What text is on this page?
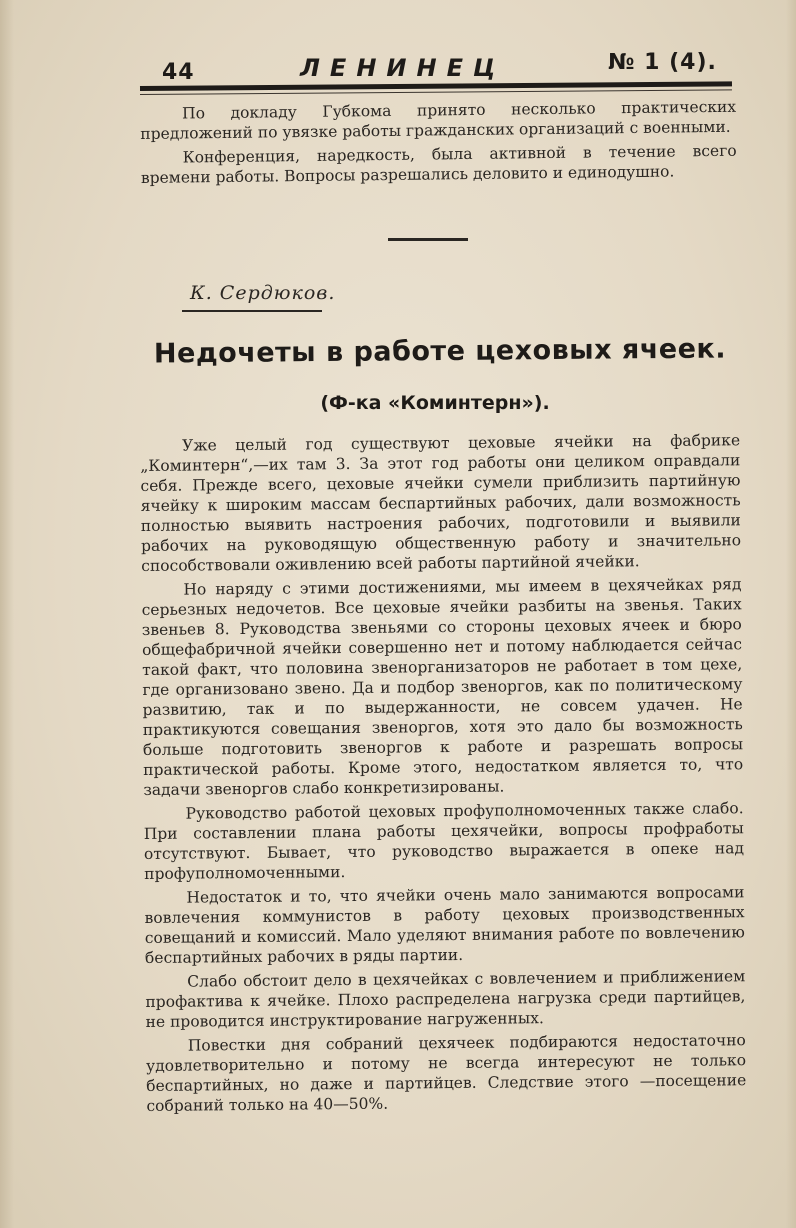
44	ЛЕНИНЕЦ	№ 1 (4).

По докладу Губкома принято несколько практических предложений по увязке работы гражданских организаций с военными.

Конференция, наредкость, была активной в течение всего времени работы. Вопросы разрешались деловито и единодушно.

К. Сердюков.
Недочеты в работе цеховых ячеек.
(Ф-ка «Коминтерн»).

Уже целый год существуют цеховые ячейки на фабрике „Коминтерн“,—их там 3. За этот год работы они целиком оправдали себя. Прежде всего, цеховые ячейки сумели приблизить партийную ячейку к широким массам беспартийных рабочих, дали возможность полностью выявить настроения рабочих, подготовили и выявили рабочих на руководящую общественную работу и значительно способствовали оживлению всей работы партийной ячейки.

Но наряду с этими достижениями, мы имеем в цехячейках ряд серьезных недочетов. Все цеховые ячейки разбиты на звенья. Таких звеньев 8. Руководства звеньями со стороны цеховых ячеек и бюро общефабричной ячейки совершенно нет и потому наблюдается сейчас такой факт, что половина звенорганизаторов не работает в том цехе, где организовано звено. Да и подбор звенοргов, как по политическому развитию, так и по выдержанности, не совсем удачен. Не практикуются совещания звеноргов, хотя это дало бы возможность больше подготовить звеноргов к работе и разрешать вопросы практической работы. Кроме этого, недостатком является то, что задачи звеноргов слабо конкретизированы.

Руководство работой цеховых профуполномоченных также слабо. При составлении плана работы цехячейки, вопросы профработы отсутствуют. Бывает, что руководство выражается в опеке над профуполномоченными.

Недостаток и то, что ячейки очень мало занимаются вопросами вовлечения коммунистов в работу цеховых производственных совещаний и комиссий. Мало уделяют внимания работе по вовлечению беспартийных рабочих в ряды партии.

Слабо обстоит дело в цехячейках с вовлечением и приближением профактива к ячейке. Плохо распределена нагрузка среди партийцев, не проводится инструктирование нагруженных.

Повестки дня собраний цехячеек подбираются недостаточно удовлетворительно и потому не всегда интересуют не только беспартийных, но даже и партийцев. Следствие этого —посещение собраний только на 40—50%.
